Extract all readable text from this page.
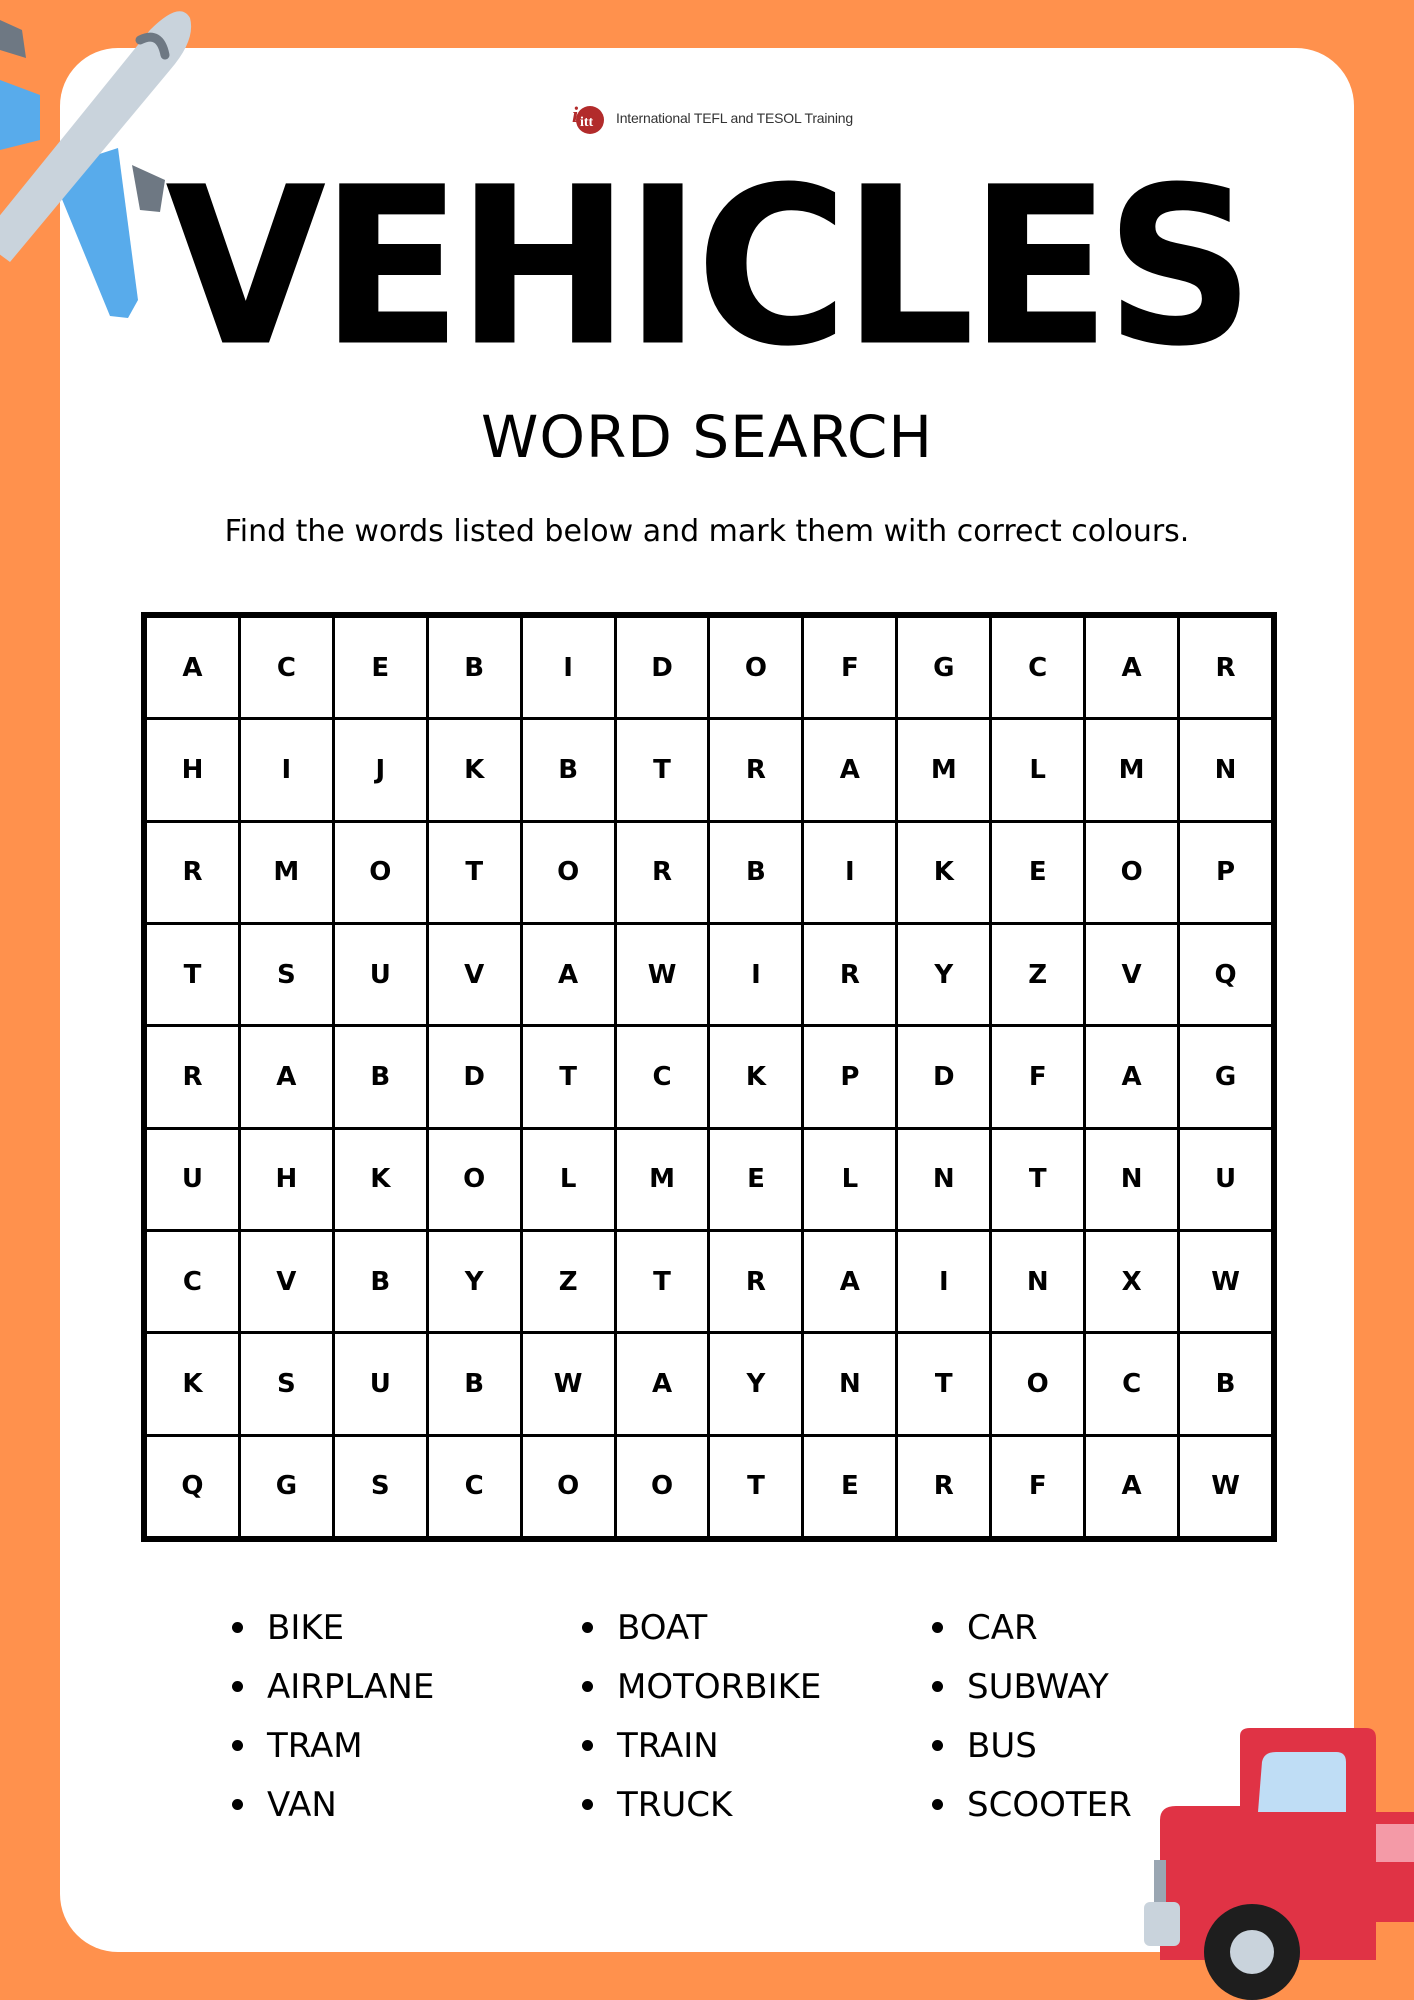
i itt International TEFL and TESOL Training
VEHICLES
WORD SEARCH
Find the words listed below and mark them with correct colours.
A	C	E	B	I	D	O	F	G	C	A	R
H	I	J	K	B	T	R	A	M	L	M	N
R	M	O	T	O	R	B	I	K	E	O	P
T	S	U	V	A	W	I	R	Y	Z	V	Q
R	A	B	D	T	C	K	P	D	F	A	G
U	H	K	O	L	M	E	L	N	T	N	U
C	V	B	Y	Z	T	R	A	I	N	X	W
K	S	U	B	W	A	Y	N	T	O	C	B
Q	G	S	C	O	O	T	E	R	F	A	W
BIKE
AIRPLANE
TRAM
VAN
BOAT
MOTORBIKE
TRAIN
TRUCK
CAR
SUBWAY
BUS
SCOOTER
